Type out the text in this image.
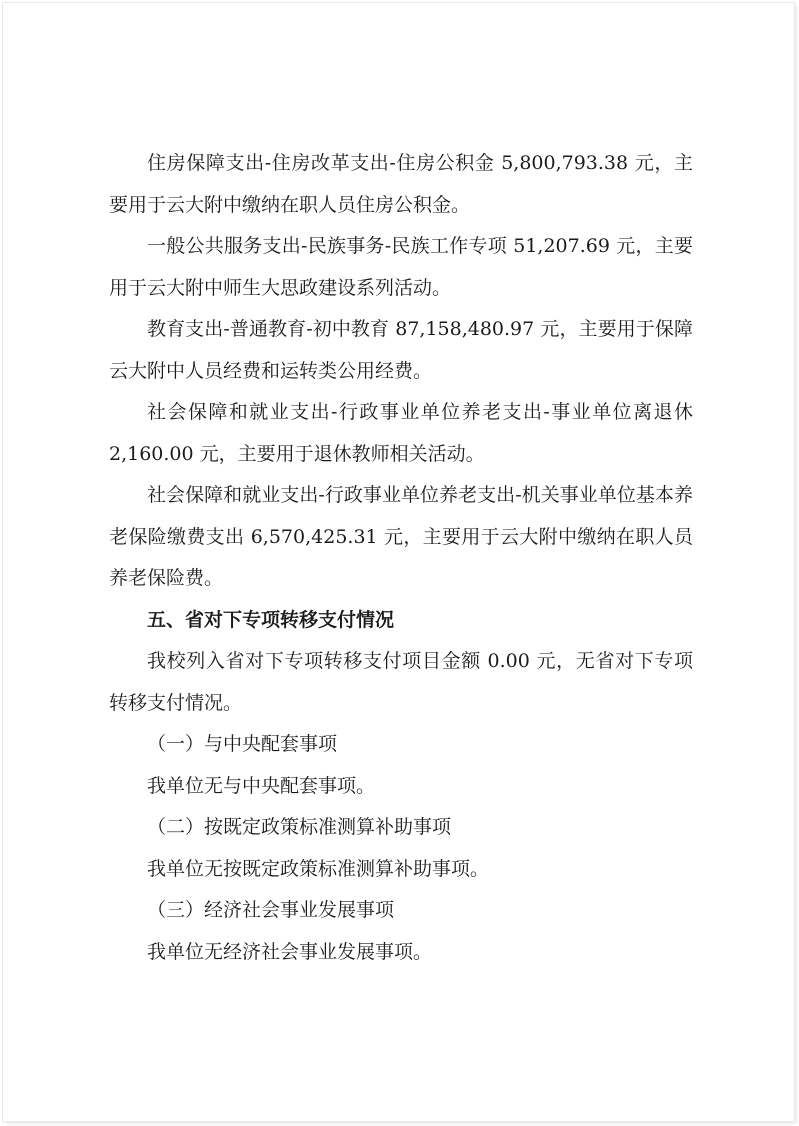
住房保障支出-住房改革支出-住房公积金 5,800,793.38 元，主要用于云大附中缴纳在职人员住房公积金。

一般公共服务支出-民族事务-民族工作专项 51,207.69 元，主要用于云大附中师生大思政建设系列活动。

教育支出-普通教育-初中教育 87,158,480.97 元，主要用于保障云大附中人员经费和运转类公用经费。

社会保障和就业支出-行政事业单位养老支出-事业单位离退休 2,160.00 元，主要用于退休教师相关活动。

社会保障和就业支出-行政事业单位养老支出-机关事业单位基本养老保险缴费支出 6,570,425.31 元，主要用于云大附中缴纳在职人员养老保险费。

五、省对下专项转移支付情况

我校列入省对下专项转移支付项目金额 0.00 元，无省对下专项转移支付情况。

（一）与中央配套事项

我单位无与中央配套事项。

（二）按既定政策标准测算补助事项

我单位无按既定政策标准测算补助事项。

（三）经济社会事业发展事项

我单位无经济社会事业发展事项。
